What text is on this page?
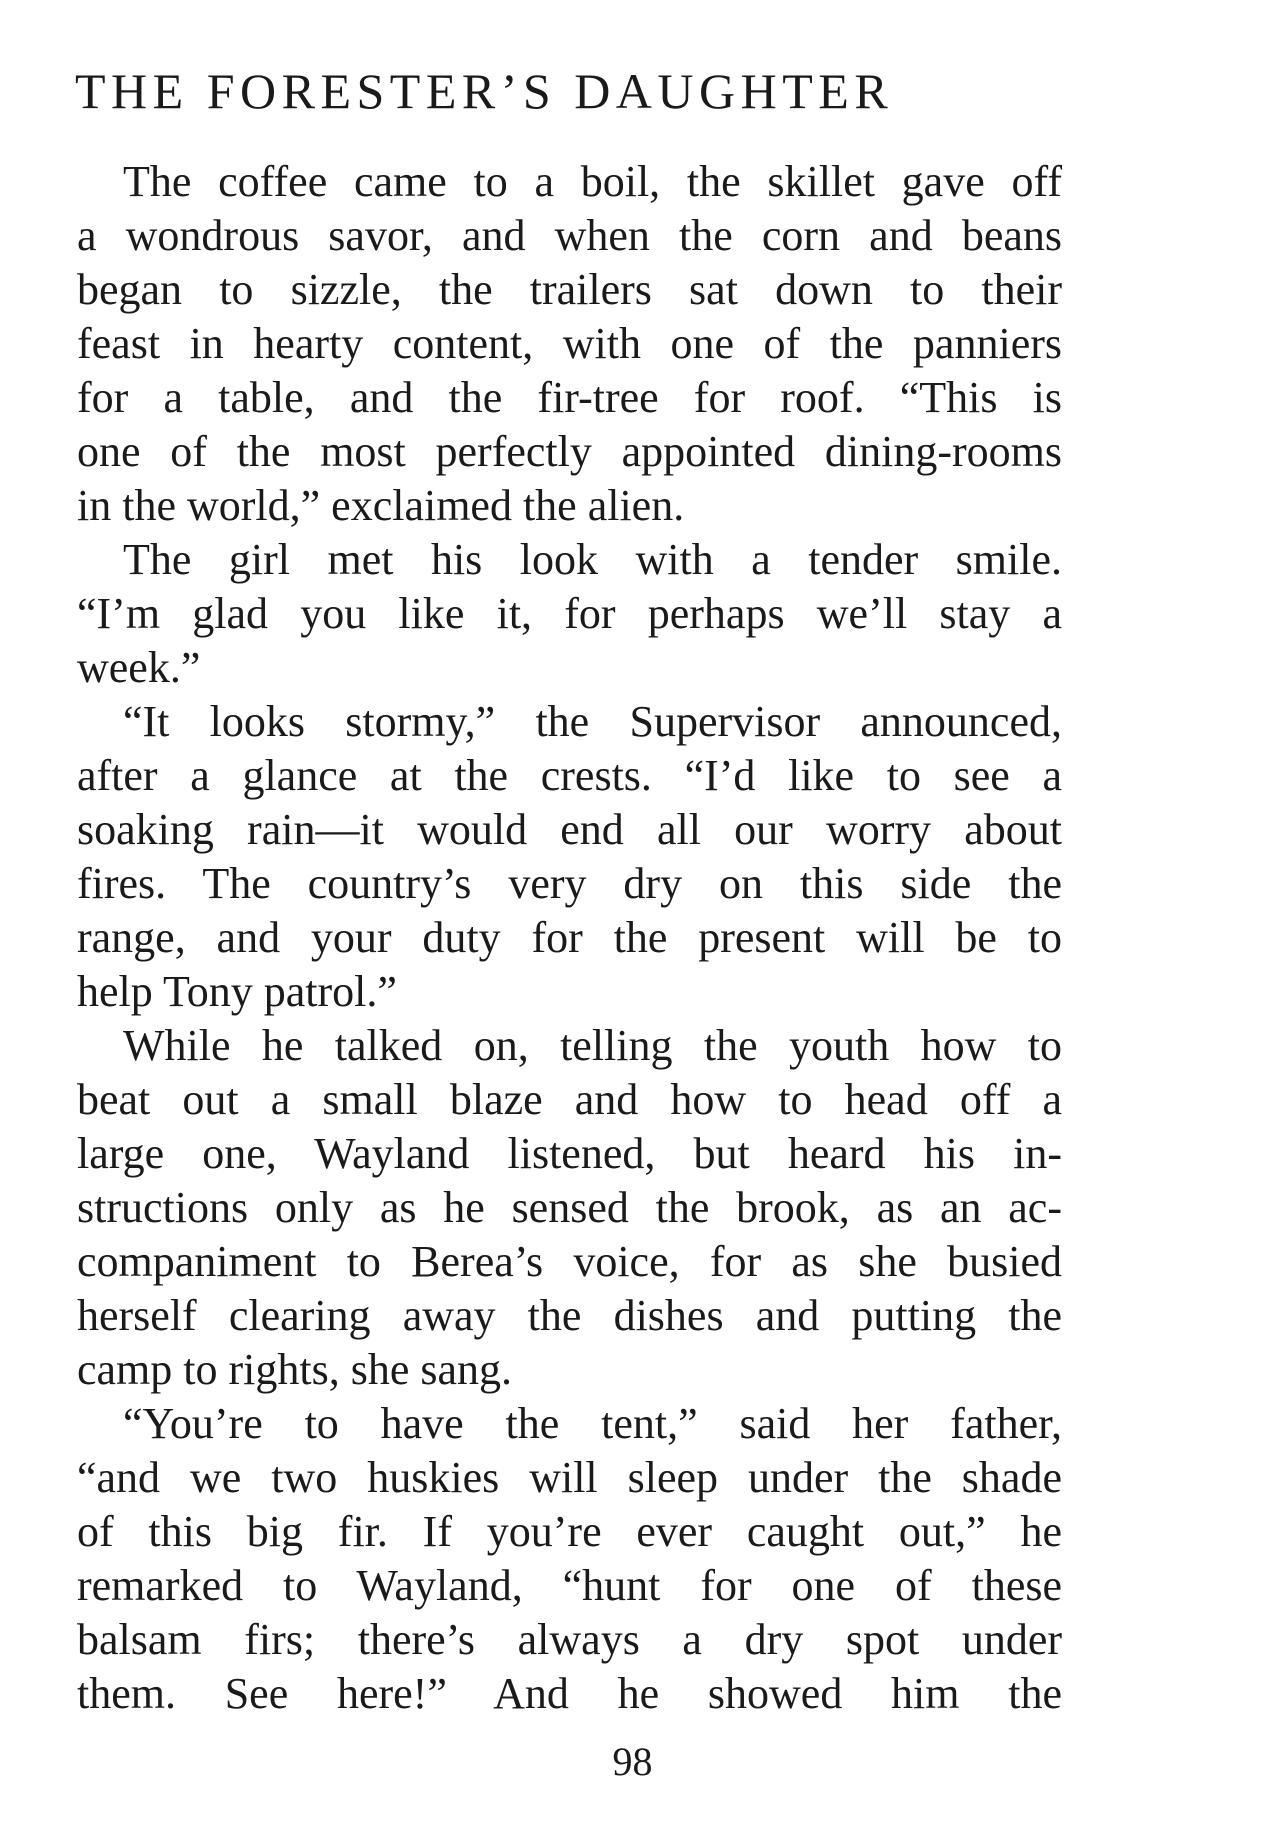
THE FORESTER’S DAUGHTER
The coffee came to a boil, the skillet gave off
a wondrous savor, and when the corn and beans
began to sizzle, the trailers sat down to their
feast in hearty content, with one of the panniers
for a table, and the fir-tree for roof. “This is
one of the most perfectly appointed dining-rooms
in the world,” exclaimed the alien.
The girl met his look with a tender smile.
“I’m glad you like it, for perhaps we’ll stay a
week.”
“It looks stormy,” the Supervisor announced,
after a glance at the crests. “I’d like to see a
soaking rain—it would end all our worry about
fires. The country’s very dry on this side the
range, and your duty for the present will be to
help Tony patrol.”
While he talked on, telling the youth how to
beat out a small blaze and how to head off a
large one, Wayland listened, but heard his in-
structions only as he sensed the brook, as an ac-
companiment to Berea’s voice, for as she busied
herself clearing away the dishes and putting the
camp to rights, she sang.
“You’re to have the tent,” said her father,
“and we two huskies will sleep under the shade
of this big fir. If you’re ever caught out,” he
remarked to Wayland, “hunt for one of these
balsam firs; there’s always a dry spot under
them. See here!” And he showed him the
98
